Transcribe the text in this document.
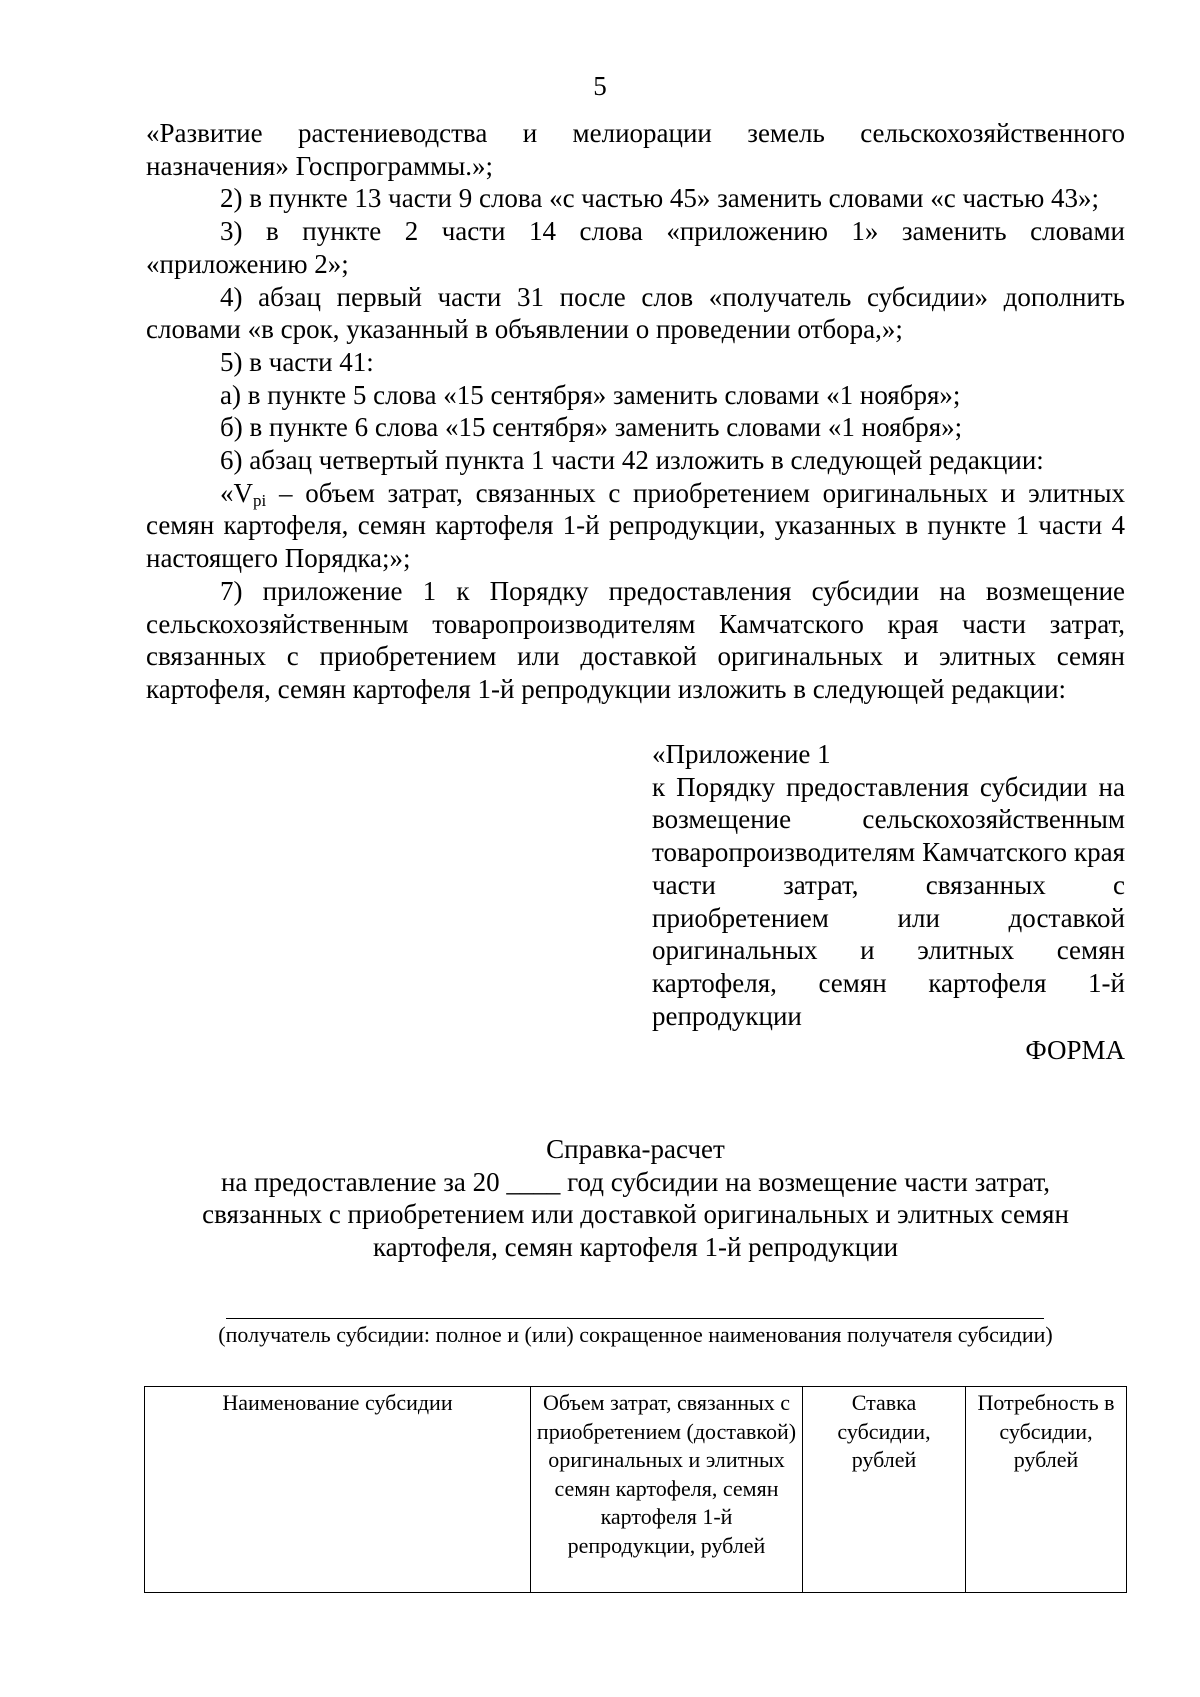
5

«Развитие растениеводства и мелиорации земель сельскохозяйственного назначения» Госпрограммы.»;

2) в пункте 13 части 9 слова «с частью 45» заменить словами «с частью 43»;

3) в пункте 2 части 14 слова «приложению 1» заменить словами «приложению 2»;

4) абзац первый части 31 после слов «получатель субсидии» дополнить словами «в срок, указанный в объявлении о проведении отбора,»;

5) в части 41:

а) в пункте 5 слова «15 сентября» заменить словами «1 ноября»;

б) в пункте 6 слова «15 сентября» заменить словами «1 ноября»;

6) абзац четвертый пункта 1 части 42 изложить в следующей редакции:

«$V_{pi}$ – объем затрат, связанных с приобретением оригинальных и элитных семян картофеля, семян картофеля 1-й репродукции, указанных в пункте 1 части 4 настоящего Порядка;»;

7) приложение 1 к Порядку предоставления субсидии на возмещение сельскохозяйственным товаропроизводителям Камчатского края части затрат, связанных с приобретением или доставкой оригинальных и элитных семян картофеля, семян картофеля 1-й репродукции изложить в следующей редакции:

«Приложение 1
к Порядку предоставления субсидии на возмещение сельскохозяйственным товаропроизводителям Камчатского края части затрат, связанных с приобретением или доставкой оригинальных и элитных семян картофеля, семян картофеля 1-й репродукции
ФОРМА
Справка-расчет
на предоставление за 20 ____ год субсидии на возмещение части затрат,
связанных с приобретением или доставкой оригинальных и элитных семян
картофеля, семян картофеля 1-й репродукции
(получатель субсидии: полное и (или) сокращенное наименования получателя субсидии)
Наименование субсидии	Объем затрат, связанных с приобретением (доставкой) оригинальных и элитных семян картофеля, семян картофеля 1-й репродукции, рублей	Ставка субсидии, рублей	Потребность в субсидии, рублей
